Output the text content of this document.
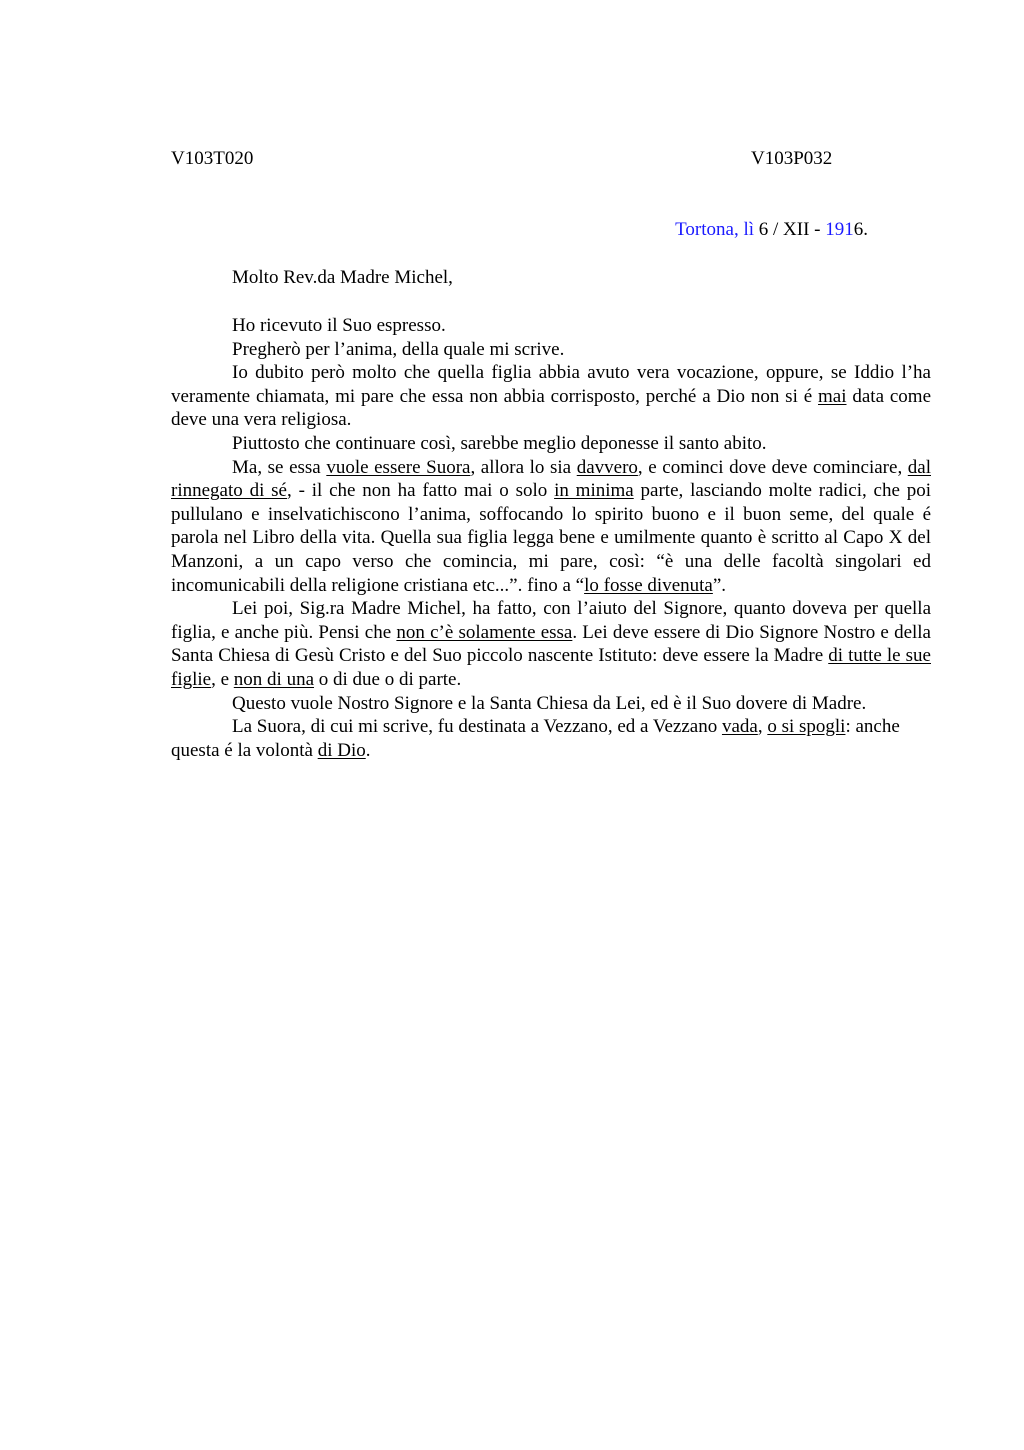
V103T020	V103P032
Tortona, lì 6 / XII - 1916.
Molto Rev.da Madre Michel,

Ho ricevuto il Suo espresso.

Pregherò per l’anima, della quale mi scrive.

Io dubito però molto che quella figlia abbia avuto vera vocazione, oppure, se Iddio l’ha veramente chiamata, mi pare che essa non abbia corrisposto, perché a Dio non si é mai data come deve una vera religiosa.

Piuttosto che continuare così, sarebbe meglio deponesse il santo abito.

Ma, se essa vuole essere Suora, allora lo sia davvero, e cominci dove deve cominciare, dal rinnegato di sé, - il che non ha fatto mai o solo in minima parte, lasciando molte radici, che poi pullulano e inselvatichiscono l’anima, soffocando lo spirito buono e il buon seme, del quale é parola nel Libro della vita. Quella sua figlia legga bene e umilmente quanto è scritto al Capo X del Manzoni, a un capo verso che comincia, mi pare, così: “è una delle facoltà singolari ed incomunicabili della religione cristiana etc...”. fino a “lo fosse divenuta”.

Lei poi, Sig.ra Madre Michel, ha fatto, con l’aiuto del Signore, quanto doveva per quella figlia, e anche più. Pensi che non c’è solamente essa. Lei deve essere di Dio Signore Nostro e della Santa Chiesa di Gesù Cristo e del Suo piccolo nascente Istituto: deve essere la Madre di tutte le sue figlie, e non di una o di due o di parte.

Questo vuole Nostro Signore e la Santa Chiesa da Lei, ed è il Suo dovere di Madre.

La Suora, di cui mi scrive, fu destinata a Vezzano, ed a Vezzano vada, o si spogli: anche questa é la volontà di Dio.
